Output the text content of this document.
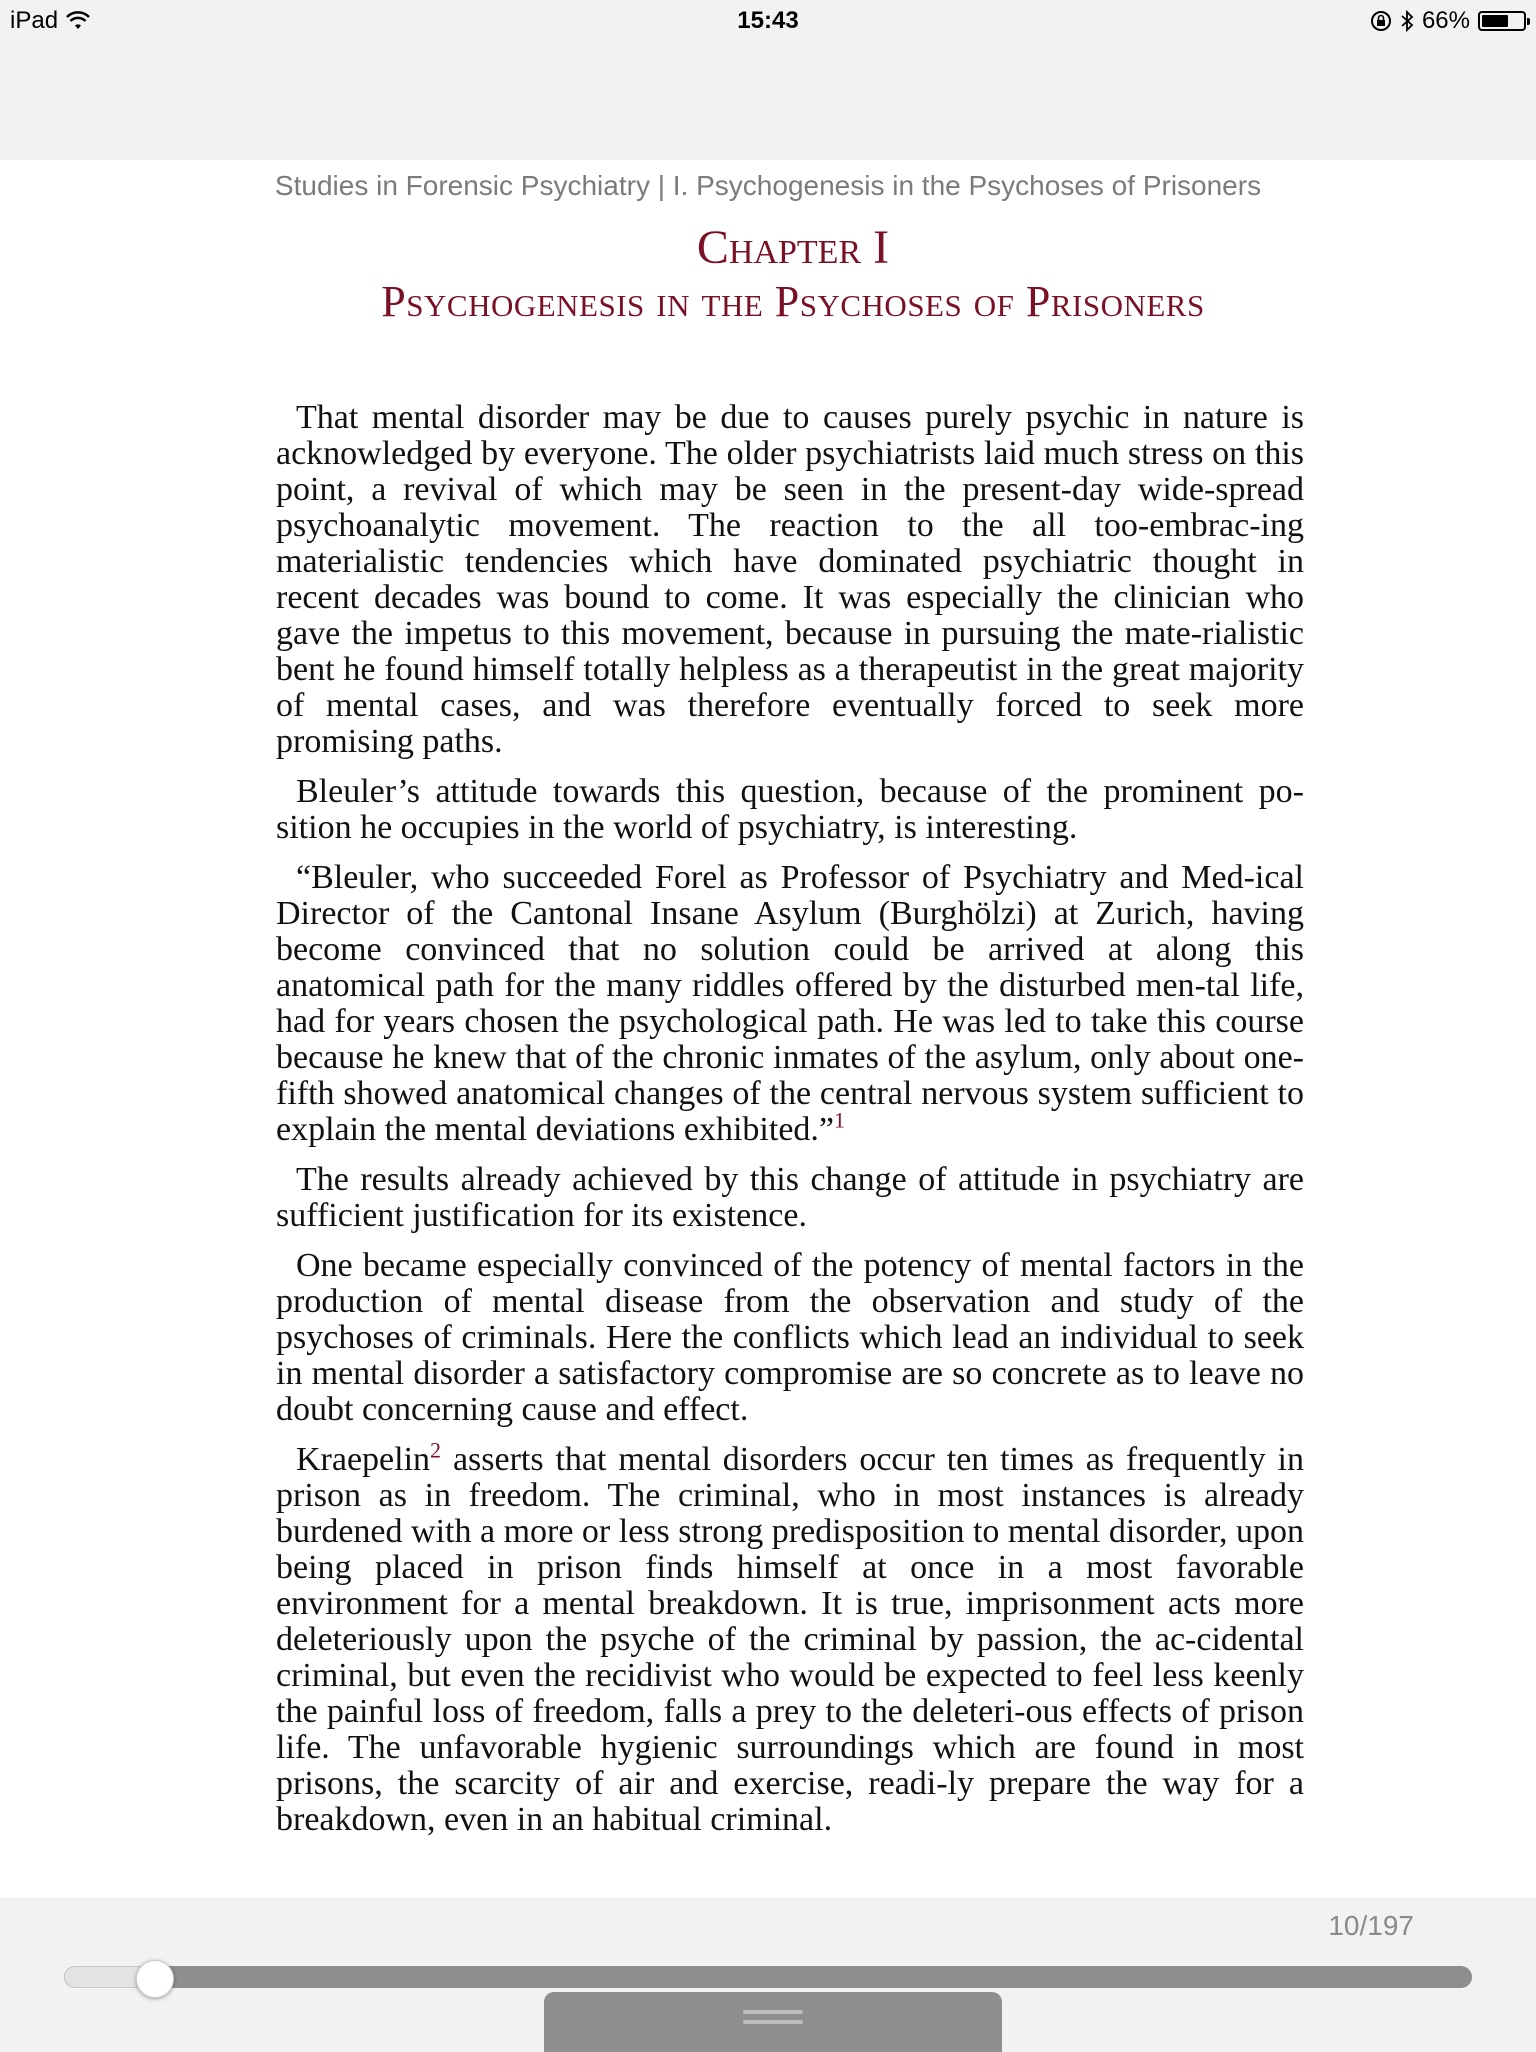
iPad	15:43	66%
Studies in Forensic Psychiatry | I. Psychogenesis in the Psychoses of Prisoners
Chapter I
Psychogenesis in the Psychoses of Prisoners

That mental disorder may be due to causes purely psychic in nature is acknowledged by everyone. The older psychiatrists laid much stress on this point, a revival of which may be seen in the present-day wide-spread psychoanalytic movement. The reaction to the all too-embrac-ing materialistic tendencies which have dominated psychiatric thought in recent decades was bound to come. It was especially the clinician who gave the impetus to this movement, because in pursuing the mate-rialistic bent he found himself totally helpless as a therapeutist in the great majority of mental cases, and was therefore eventually forced to seek more promising paths.

Bleuler’s attitude towards this question, because of the prominent po-sition he occupies in the world of psychiatry, is interesting.

“Bleuler, who succeeded Forel as Professor of Psychiatry and Med-ical Director of the Cantonal Insane Asylum (Burghölzi) at Zurich, having become convinced that no solution could be arrived at along this anatomical path for the many riddles offered by the disturbed men-tal life, had for years chosen the psychological path. He was led to take this course because he knew that of the chronic inmates of the asylum, only about one-fifth showed anatomical changes of the central nervous system sufficient to explain the mental deviations exhibited.”$^1$

The results already achieved by this change of attitude in psychiatry are sufficient justification for its existence.

One became especially convinced of the potency of mental factors in the production of mental disease from the observation and study of the psychoses of criminals. Here the conflicts which lead an individual to seek in mental disorder a satisfactory compromise are so concrete as to leave no doubt concerning cause and effect.

Kraepelin$^2$ asserts that mental disorders occur ten times as frequently in prison as in freedom. The criminal, who in most instances is already burdened with a more or less strong predisposition to mental disorder, upon being placed in prison finds himself at once in a most favorable environment for a mental breakdown. It is true, imprisonment acts more deleteriously upon the psyche of the criminal by passion, the ac-cidental criminal, but even the recidivist who would be expected to feel less keenly the painful loss of freedom, falls a prey to the deleteri-ous effects of prison life. The unfavorable hygienic surroundings which are found in most prisons, the scarcity of air and exercise, readi-ly prepare the way for a breakdown, even in an habitual criminal.

10/197
